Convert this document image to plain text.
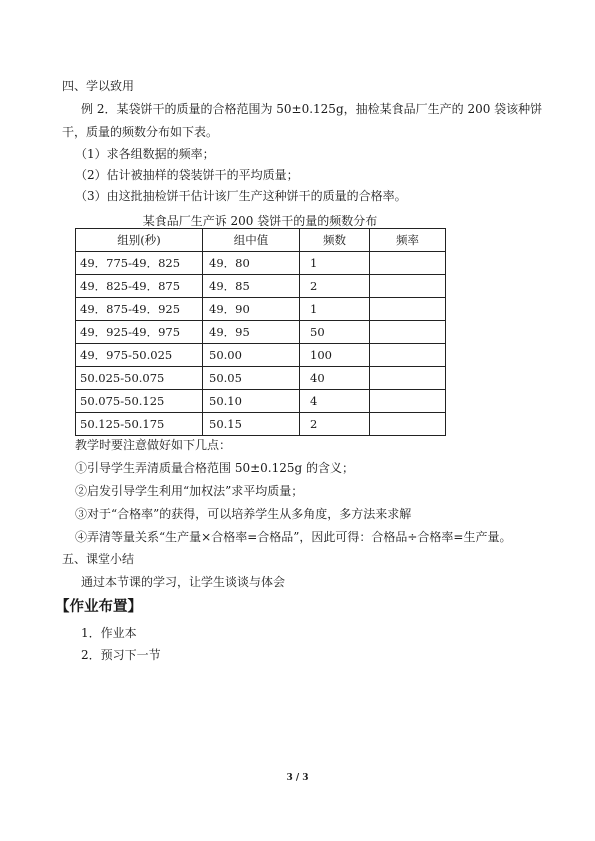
四、学以致用
例 2．某袋饼干的质量的合格范围为 50±0.125g，抽检某食品厂生产的 200 袋该种饼
干，质量的频数分布如下表。
（1）求各组数据的频率；
（2）估计被抽样的袋装饼干的平均质量；
（3）由这批抽检饼干估计该厂生产这种饼干的质量的合格率。
某食品厂生产诉 200 袋饼干的量的频数分布
组别(秒)	组中值	频数	频率
49．775-49．825	49．80	1	
49．825-49．875	49．85	2	
49．875-49．925	49．90	1	
49．925-49．975	49．95	50	
49．975-50.025	50.00	100	
50.025-50.075	50.05	40	
50.075-50.125	50.10	4	
50.125-50.175	50.15	2	
教学时要注意做好如下几点：
①引导学生弄清质量合格范围 50±0.125g 的含义；
②启发引导学生利用“加权法”求平均质量；
③对于“合格率”的获得，可以培养学生从多角度，多方法来求解
④弄清等量关系“生产量×合格率=合格品”，因此可得：合格品÷合格率=生产量。
五、课堂小结
通过本节课的学习，让学生谈谈与体会
【作业布置】
1．作业本
2．预习下一节
3 / 3
